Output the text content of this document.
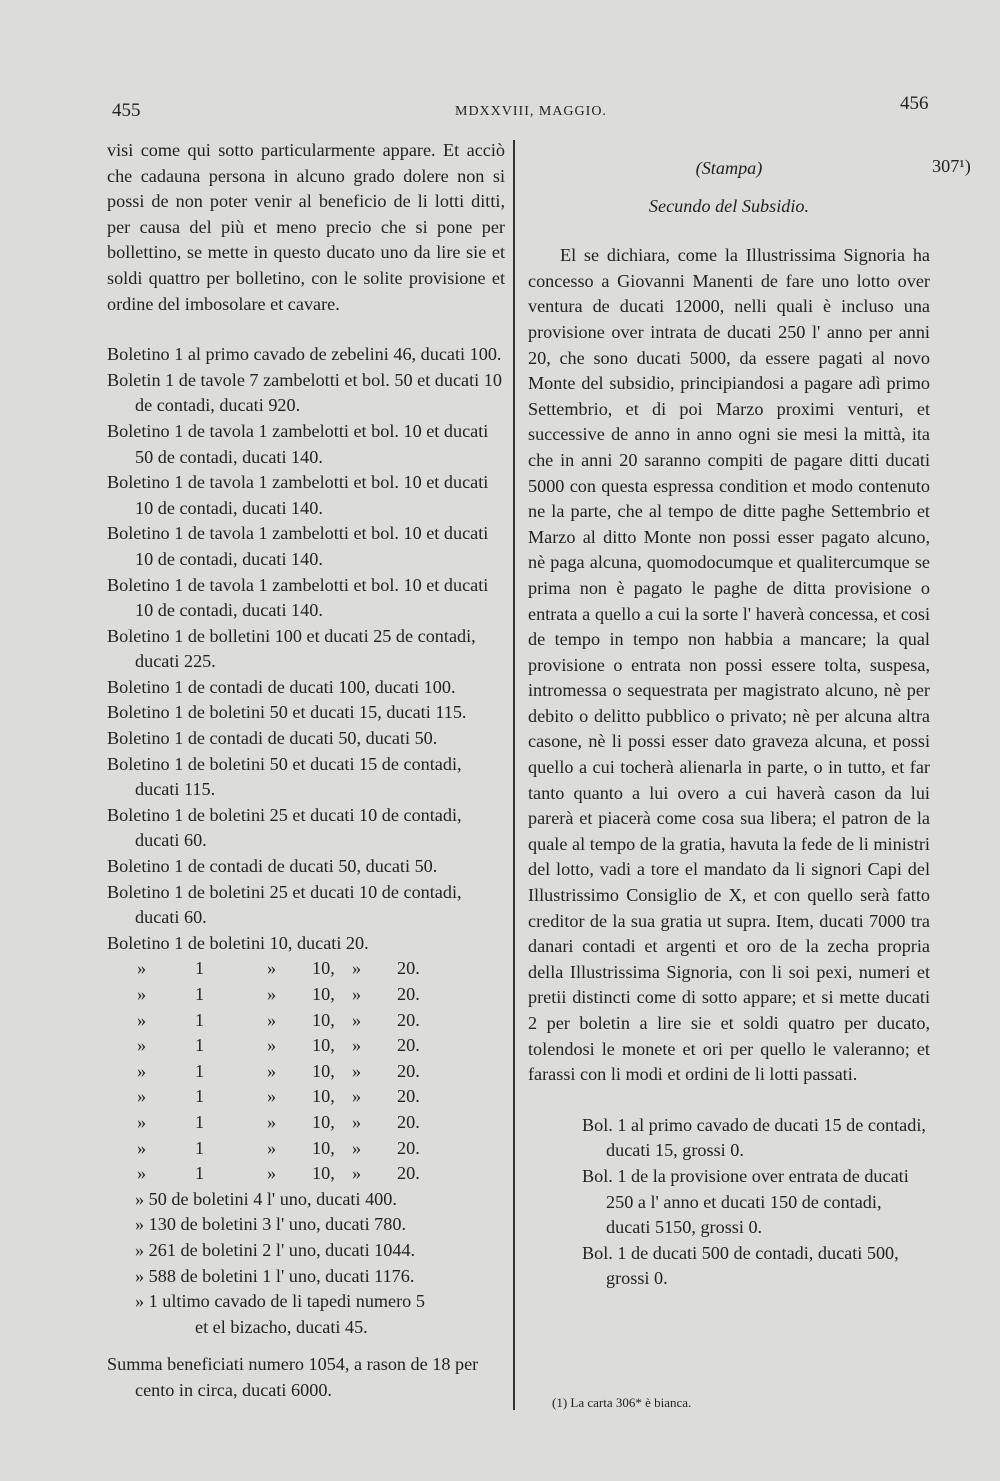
455	MDXXVIII, MAGGIO.	456

visi come qui sotto particularmente appare. Et acciò che cadauna persona in alcuno grado dolere non si possi de non poter venir al beneficio de li lotti ditti, per causa del più et meno precio che si pone per bollettino, se mette in questo ducato uno da lire sie et soldi quattro per bolletino, con le solite provisione et ordine del imbosolare et cavare.

Boletino 1 al primo cavado de zebelini 46, ducati 100.

Boletin 1 de tavole 7 zambelotti et bol. 50 et ducati 10 de contadi, ducati 920.

Boletino 1 de tavola 1 zambelotti et bol. 10 et ducati 50 de contadi, ducati 140.

Boletino 1 de tavola 1 zambelotti et bol. 10 et ducati 10 de contadi, ducati 140.

Boletino 1 de tavola 1 zambelotti et bol. 10 et ducati 10 de contadi, ducati 140.

Boletino 1 de tavola 1 zambelotti et bol. 10 et ducati 10 de contadi, ducati 140.

Boletino 1 de bolletini 100 et ducati 25 de contadi, ducati 225.

Boletino 1 de contadi de ducati 100, ducati 100.

Boletino 1 de boletini 50 et ducati 15, ducati 115.

Boletino 1 de contadi de ducati 50, ducati 50.

Boletino 1 de boletini 50 et ducati 15 de contadi, ducati 115.

Boletino 1 de boletini 25 et ducati 10 de contadi, ducati 60.

Boletino 1 de contadi de ducati 50, ducati 50.

Boletino 1 de boletini 25 et ducati 10 de contadi, ducati 60.

Boletino 1 de boletini 10, ducati 20.

»	1	»	10, »	20.
»	1	»	10, »	20.
»	1	»	10, »	20.
»	1	»	10, »	20.
»	1	»	10, »	20.
»	1	»	10, »	20.
»	1	»	10, »	20.
»	1	»	10, »	20.
»	1	»	10, »	20.

» 50 de boletini 4 l' uno, ducati 400.

» 130 de boletini 3 l' uno, ducati 780.

» 261 de boletini 2 l' uno, ducati 1044.

» 588 de boletini 1 l' uno, ducati 1176.

» 1 ultimo cavado de li tapedi numero 5

et el bizacho, ducati 45.

Summa beneficiati numero 1054, a rason de 18 per cento in circa, ducati 6000.

307¹)

(Stampa)

Secundo del Subsidio.

El se dichiara, come la Illustrissima Signoria ha concesso a Giovanni Manenti de fare uno lotto over ventura de ducati 12000, nelli quali è incluso una provisione over intrata de ducati 250 l' anno per anni 20, che sono ducati 5000, da essere pagati al novo Monte del subsidio, principiandosi a pagare adì primo Settembrio, et di poi Marzo proximi venturi, et successive de anno in anno ogni sie mesi la mittà, ita che in anni 20 saranno compiti de pagare ditti ducati 5000 con questa espressa condition et modo contenuto ne la parte, che al tempo de ditte paghe Settembrio et Marzo al ditto Monte non possi esser pagato alcuno, nè paga alcuna, quomodocumque et qualitercumque se prima non è pagato le paghe de ditta provisione o entrata a quello a cui la sorte l' haverà concessa, et cosi de tempo in tempo non habbia a mancare; la qual provisione o entrata non possi essere tolta, suspesa, intromessa o sequestrata per magistrato alcuno, nè per debito o delitto pubblico o privato; nè per alcuna altra casone, nè li possi esser dato graveza alcuna, et possi quello a cui tocherà alienarla in parte, o in tutto, et far tanto quanto a lui overo a cui haverà cason da lui parerà et piacerà come cosa sua libera; el patron de la quale al tempo de la gratia, havuta la fede de li ministri del lotto, vadi a tore el mandato da li signori Capi del Illustrissimo Consiglio de X, et con quello serà fatto creditor de la sua gratia ut supra. Item, ducati 7000 tra danari contadi et argenti et oro de la zecha propria della Illustrissima Signoria, con li soi pexi, numeri et pretii distincti come di sotto appare; et si mette ducati 2 per boletin a lire sie et soldi quatro per ducato, tolendosi le monete et ori per quello le valeranno; et farassi con li modi et ordini de li lotti passati.

Bol. 1 al primo cavado de ducati 15 de contadi, ducati 15, grossi 0.

Bol. 1 de la provisione over entrata de ducati 250 a l' anno et ducati 150 de contadi, ducati 5150, grossi 0.

Bol. 1 de ducati 500 de contadi, ducati 500, grossi 0.

(1) La carta 306* è bianca.
